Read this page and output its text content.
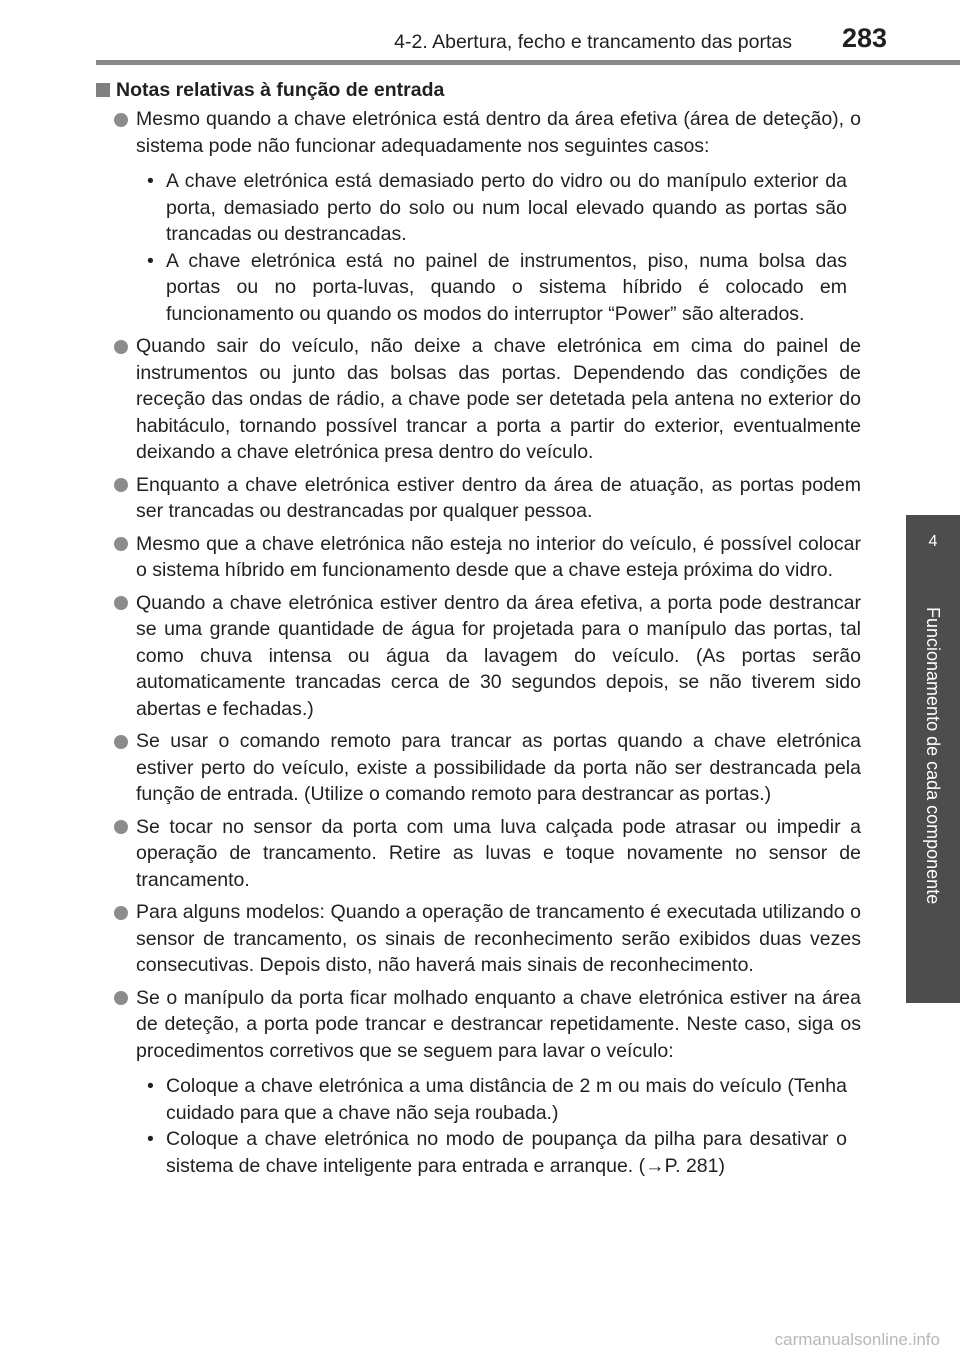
4-2. Abertura, fecho e trancamento das portas 283
4
Funcionamento de cada componente
Notas relativas à função de entrada
Mesmo quando a chave eletrónica está dentro da área efetiva (área de deteção), o sistema pode não funcionar adequadamente nos seguintes casos:
• A chave eletrónica está demasiado perto do vidro ou do manípulo exterior da porta, demasiado perto do solo ou num local elevado quando as portas são trancadas ou destrancadas.
• A chave eletrónica está no painel de instrumentos, piso, numa bolsa das portas ou no porta-luvas, quando o sistema híbrido é colocado em funcionamento ou quando os modos do interruptor “Power” são alterados.
Quando sair do veículo, não deixe a chave eletrónica em cima do painel de instrumentos ou junto das bolsas das portas. Dependendo das condições de receção das ondas de rádio, a chave pode ser detetada pela antena no exterior do habitáculo, tornando possível trancar a porta a partir do exterior, eventualmente deixando a chave eletrónica presa dentro do veículo.
Enquanto a chave eletrónica estiver dentro da área de atuação, as portas podem ser trancadas ou destrancadas por qualquer pessoa.
Mesmo que a chave eletrónica não esteja no interior do veículo, é possível colocar o sistema híbrido em funcionamento desde que a chave esteja próxima do vidro.
Quando a chave eletrónica estiver dentro da área efetiva, a porta pode destrancar se uma grande quantidade de água for projetada para o manípulo das portas, tal como chuva intensa ou água da lavagem do veículo. (As portas serão automaticamente trancadas cerca de 30 segundos depois, se não tiverem sido abertas e fechadas.)
Se usar o comando remoto para trancar as portas quando a chave eletrónica estiver perto do veículo, existe a possibilidade da porta não ser destrancada pela função de entrada. (Utilize o comando remoto para destrancar as portas.)
Se tocar no sensor da porta com uma luva calçada pode atrasar ou impedir a operação de trancamento. Retire as luvas e toque novamente no sensor de trancamento.
Para alguns modelos: Quando a operação de trancamento é executada utilizando o sensor de trancamento, os sinais de reconhecimento serão exibidos duas vezes consecutivas. Depois disto, não haverá mais sinais de reconhecimento.
Se o manípulo da porta ficar molhado enquanto a chave eletrónica estiver na área de deteção, a porta pode trancar e destrancar repetidamente. Neste caso, siga os procedimentos corretivos que se seguem para lavar o veículo:
• Coloque a chave eletrónica a uma distância de 2 m ou mais do veículo (Tenha cuidado para que a chave não seja roubada.)
• Coloque a chave eletrónica no modo de poupança da pilha para desativar o sistema de chave inteligente para entrada e arranque. (→P. 281)
carmanualsonline.info
